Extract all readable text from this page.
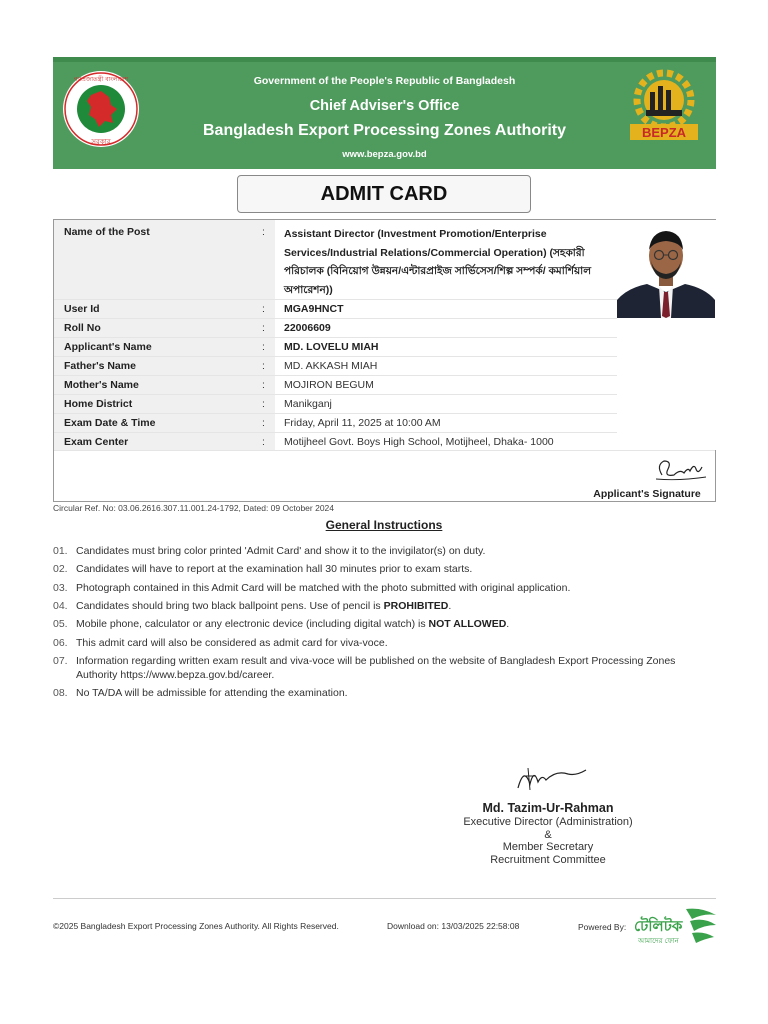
গণপ্রজাতন্ত্রী বাংলাদেশ
সরকার
Government of the People's Republic of Bangladesh
Chief Adviser's Office
Bangladesh Export Processing Zones Authority
www.bepza.gov.bd
BEPZA
ADMIT CARD
Name of the Post	: Assistant Director (Investment Promotion/Enterprise Services/Industrial Relations/Commercial Operation) (সহকারী পরিচালক (বিনিয়োগ উন্নয়ন/এন্টারপ্রাইজ সার্ভিসেস/শিল্প সম্পর্ক/ কমার্শিয়াল অপারেশন))
User Id	: MGA9HNCT
Roll No	: 22006609
Applicant's Name	: MD. LOVELU MIAH
Father's Name	: MD. AKKASH MIAH
Mother's Name	: MOJIRON BEGUM
Home District	: Manikganj
Exam Date & Time	: Friday, April 11, 2025 at 10:00 AM
Exam Center	: Motijheel Govt. Boys High School, Motijheel, Dhaka- 1000
Applicant's Signature
Circular Ref. No: 03.06.2616.307.11.001.24-1792, Dated: 09 October 2024
General Instructions
01. Candidates must bring color printed 'Admit Card' and show it to the invigilator(s) on duty.
02. Candidates will have to report at the examination hall 30 minutes prior to exam starts.
03. Photograph contained in this Admit Card will be matched with the photo submitted with original application.
04. Candidates should bring two black ballpoint pens. Use of pencil is PROHIBITED.
05. Mobile phone, calculator or any electronic device (including digital watch) is NOT ALLOWED.
06. This admit card will also be considered as admit card for viva-voce.
07. Information regarding written exam result and viva-voce will be published on the website of Bangladesh Export Processing Zones Authority https://www.bepza.gov.bd/career.
08. No TA/DA will be admissible for attending the examination.
Md. Tazim-Ur-Rahman
Executive Director (Administration)
&
Member Secretary
Recruitment Committee
©2025 Bangladesh Export Processing Zones Authority. All Rights Reserved.	Download on: 13/03/2025 22:58:08	Powered By: টেলিটক
আমাদের ফোন
